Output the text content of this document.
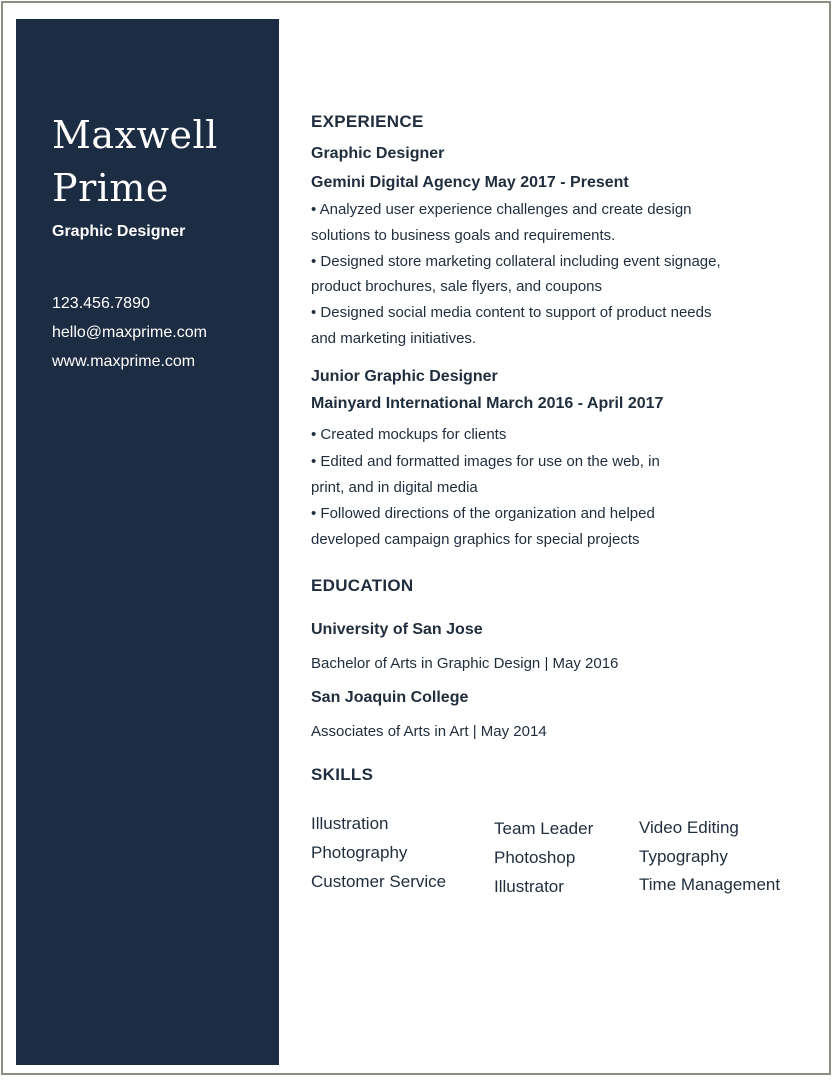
Maxwell
Prime
Graphic Designer
123.456.7890
hello@maxprime.com
www.maxprime.com
EXPERIENCE
Graphic Designer
Gemini Digital Agency May 2017 - Present
• Analyzed user experience challenges and create design
solutions to business goals and requirements.
• Designed store marketing collateral including event signage,
product brochures, sale flyers, and coupons
• Designed social media content to support of product needs
and marketing initiatives.
Junior Graphic Designer
Mainyard International March 2016 - April 2017
• Created mockups for clients
• Edited and formatted images for use on the web, in
print, and in digital media
• Followed directions of the organization and helped
developed campaign graphics for special projects
EDUCATION
University of San Jose
Bachelor of Arts in Graphic Design | May 2016
San Joaquin College
Associates of Arts in Art | May 2014
SKILLS
Illustration
Photography
Customer Service
Team Leader
Photoshop
Illustrator
Video Editing
Typography
Time Management
